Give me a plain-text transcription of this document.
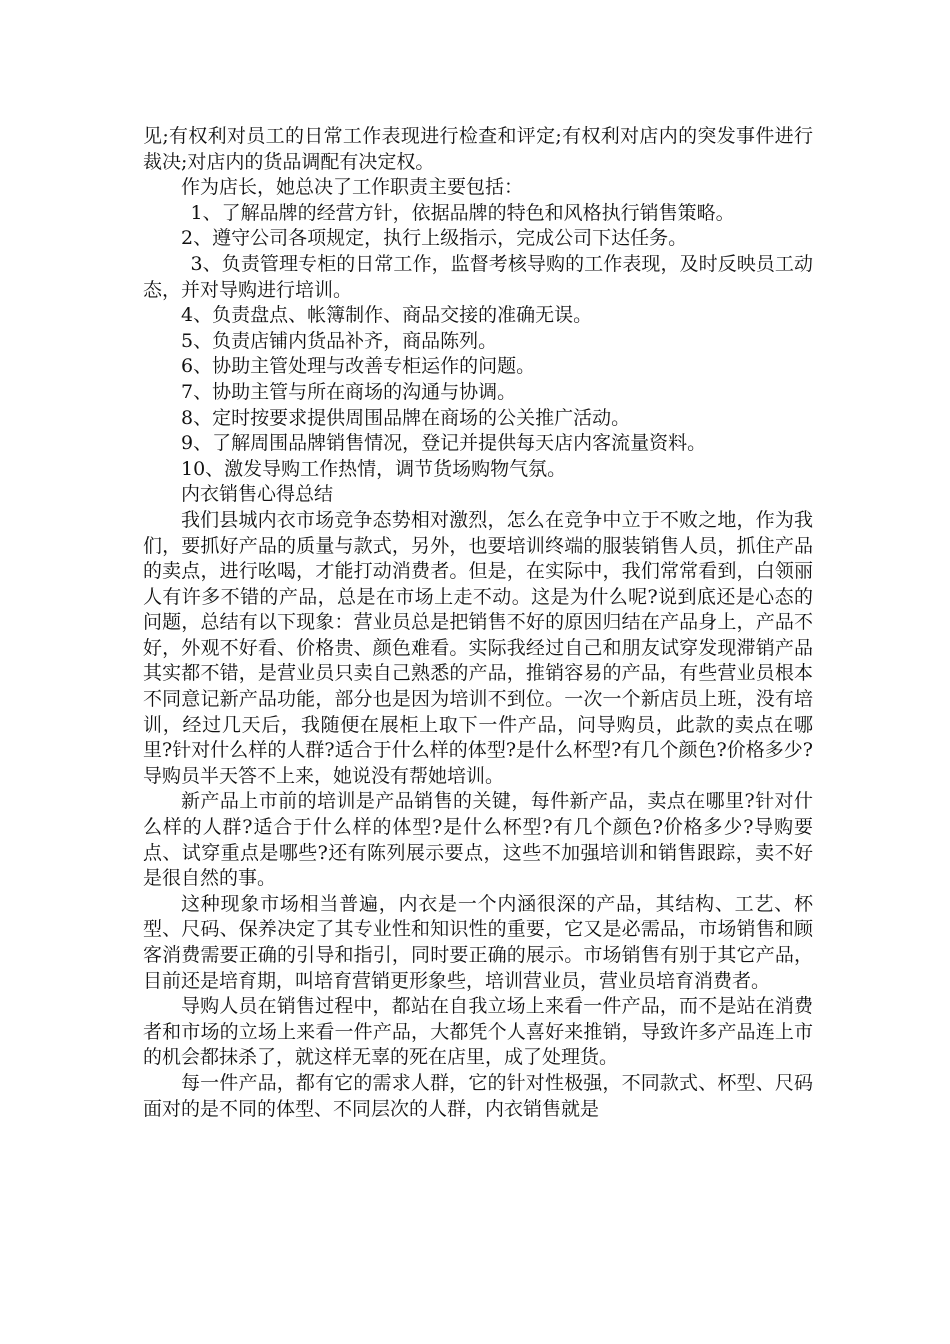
见;有权利对员工的日常工作表现进行检查和评定;有权利对店内的突发事件进行裁决;对店内的货品调配有决定权。

作为店长，她总决了工作职责主要包括：

1、了解品牌的经营方针，依据品牌的特色和风格执行销售策略。

2、遵守公司各项规定，执行上级指示，完成公司下达任务。

3、负责管理专柜的日常工作，监督考核导购的工作表现，及时反映员工动态，并对导购进行培训。

4、负责盘点、帐簿制作、商品交接的准确无误。

5、负责店铺内货品补齐，商品陈列。

6、协助主管处理与改善专柜运作的问题。

7、协助主管与所在商场的沟通与协调。

8、定时按要求提供周围品牌在商场的公关推广活动。

9、了解周围品牌销售情况，登记并提供每天店内客流量资料。

10、激发导购工作热情，调节货场购物气氛。

内衣销售心得总结

我们县城内衣市场竞争态势相对激烈，怎么在竞争中立于不败之地，作为我们，要抓好产品的质量与款式，另外，也要培训终端的服装销售人员，抓住产品的卖点，进行吆喝，才能打动消费者。但是，在实际中，我们常常看到，白领丽人有许多不错的产品，总是在市场上走不动。这是为什么呢?说到底还是心态的问题，总结有以下现象：营业员总是把销售不好的原因归结在产品身上，产品不好，外观不好看、价格贵、颜色难看。实际我经过自己和朋友试穿发现滞销产品其实都不错，是营业员只卖自己熟悉的产品，推销容易的产品，有些营业员根本不同意记新产品功能，部分也是因为培训不到位。一次一个新店员上班，没有培训，经过几天后，我随便在展柜上取下一件产品，问导购员，此款的卖点在哪里?针对什么样的人群?适合于什么样的体型?是什么杯型?有几个颜色?价格多少?导购员半天答不上来，她说没有帮她培训。

新产品上市前的培训是产品销售的关键，每件新产品，卖点在哪里?针对什么样的人群?适合于什么样的体型?是什么杯型?有几个颜色?价格多少?导购要点、试穿重点是哪些?还有陈列展示要点，这些不加强培训和销售跟踪，卖不好是很自然的事。

这种现象市场相当普遍，内衣是一个内涵很深的产品，其结构、工艺、杯型、尺码、保养决定了其专业性和知识性的重要，它又是必需品，市场销售和顾客消费需要正确的引导和指引，同时要正确的展示。市场销售有别于其它产品，目前还是培育期，叫培育营销更形象些，培训营业员，营业员培育消费者。

导购人员在销售过程中，都站在自我立场上来看一件产品，而不是站在消费者和市场的立场上来看一件产品，大都凭个人喜好来推销，导致许多产品连上市的机会都抹杀了，就这样无辜的死在店里，成了处理货。

每一件产品，都有它的需求人群，它的针对性极强，不同款式、杯型、尺码面对的是不同的体型、不同层次的人群，内衣销售就是
